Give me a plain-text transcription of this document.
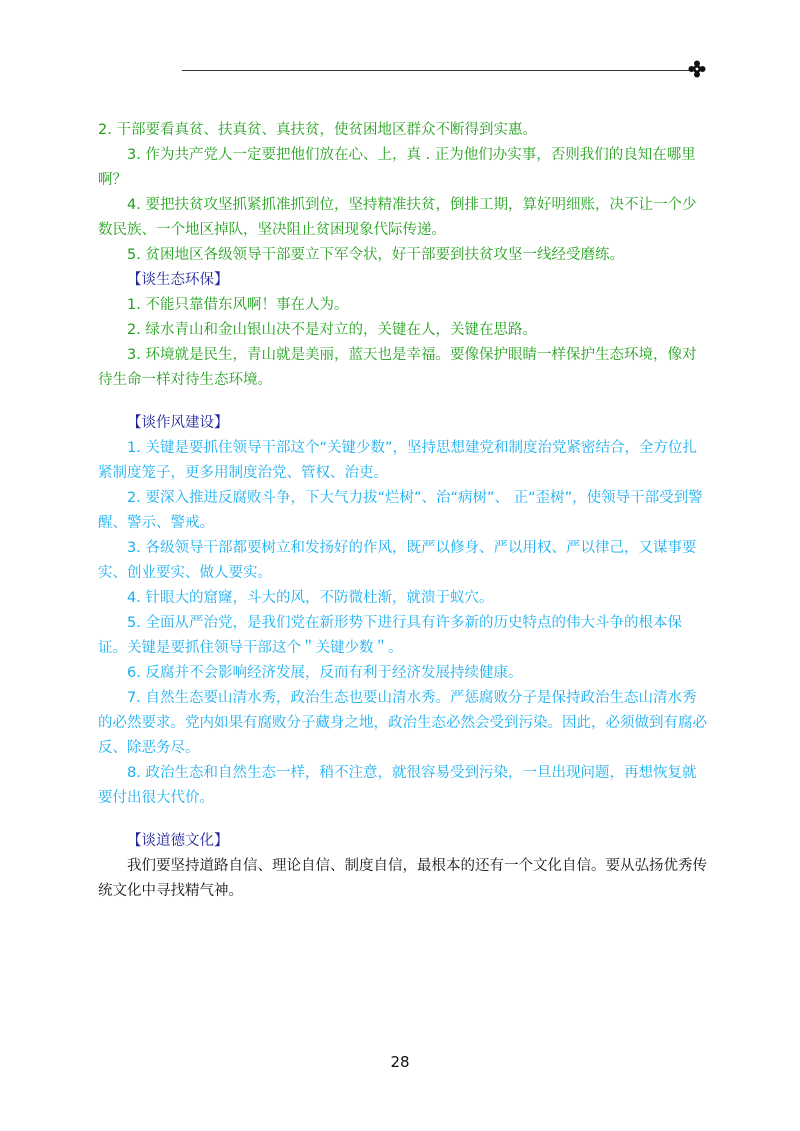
2. 干部要看真贫、扶真贫、真扶贫，使贫困地区群众不断得到实惠。

3. 作为共产党人一定要把他们放在心、上，真 . 正为他们办实事，否则我们的良知在哪里啊？

4. 要把扶贫攻坚抓紧抓准抓到位，坚持精准扶贫，倒排工期，算好明细账，决不让一个少数民族、一个地区掉队，坚决阻止贫困现象代际传递。

5. 贫困地区各级领导干部要立下军令状，好干部要到扶贫攻坚一线经受磨练。

【谈生态环保】

1. 不能只靠借东风啊！事在人为。

2. 绿水青山和金山银山决不是对立的，关键在人，关键在思路。

3. 环境就是民生，青山就是美丽，蓝天也是幸福。要像保护眼睛一样保护生态环境，像对待生命一样对待生态环境。

【谈作风建设】

1. 关键是要抓住领导干部这个“关键少数”，坚持思想建党和制度治党紧密结合，全方位扎紧制度笼子，更多用制度治党、管权、治吏。

2. 要深入推进反腐败斗争，下大气力拔“烂树”、治“病树”、 正“歪树”，使领导干部受到警醒、警示、警戒。

3. 各级领导干部都要树立和发扬好的作风，既严以修身、严以用权、严以律己，又谋事要实、创业要实、做人要实。

4. 针眼大的窟窿，斗大的风，不防微杜渐，就溃于蚁穴。

5. 全面从严治党，是我们党在新形势下进行具有许多新的历史特点的伟大斗争的根本保证。关键是要抓住领导干部这个＂关键少数＂。

6. 反腐并不会影响经济发展，反而有利于经济发展持续健康。

7. 自然生态要山清水秀，政治生态也要山清水秀。严惩腐败分子是保持政治生态山清水秀的必然要求。党内如果有腐败分子藏身之地，政治生态必然会受到污染。因此，必须做到有腐必反、除恶务尽。

8. 政治生态和自然生态一样，稍不注意，就很容易受到污染，一旦出现问题，再想恢复就要付出很大代价。

【谈道德文化】

我们要坚持道路自信、理论自信、制度自信，最根本的还有一个文化自信。要从弘扬优秀传统文化中寻找精气神。

28
